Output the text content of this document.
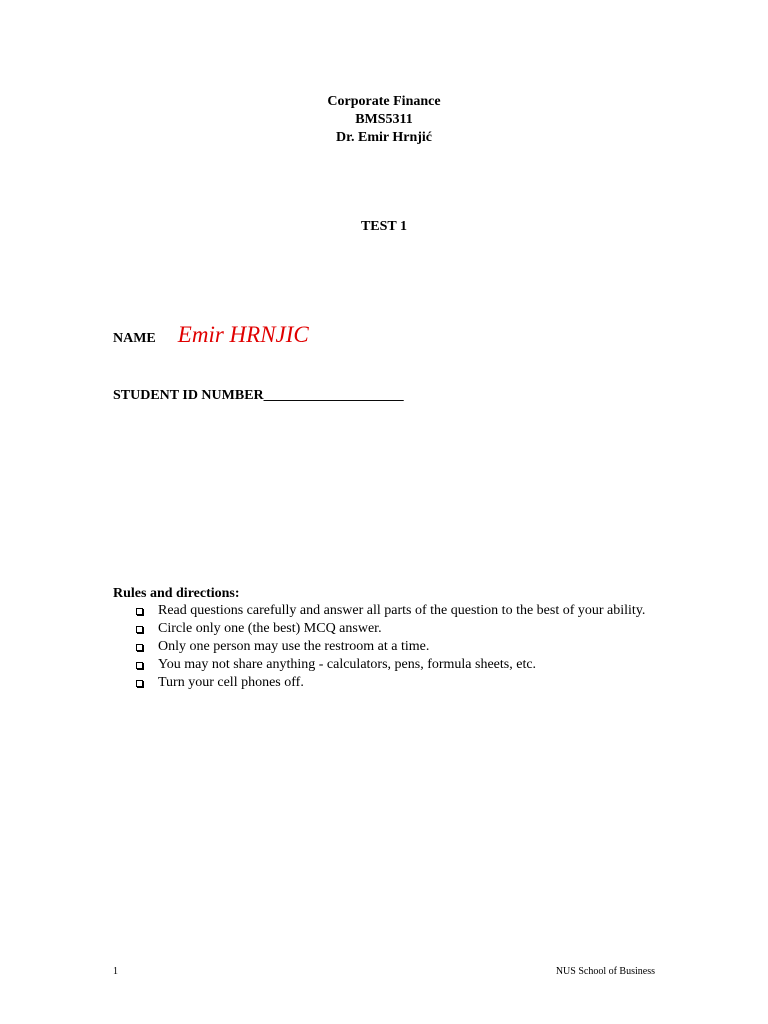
Corporate Finance
BMS5311
Dr. Emir Hrnjić
TEST 1
NAME Emir HRNJIC
STUDENT ID NUMBER____________________
Rules and directions:
Read questions carefully and answer all parts of the question to the best of your ability.
Circle only one (the best) MCQ answer.
Only one person may use the restroom at a time.
You may not share anything - calculators, pens, formula sheets, etc.
Turn your cell phones off.
1	NUS School of Business
